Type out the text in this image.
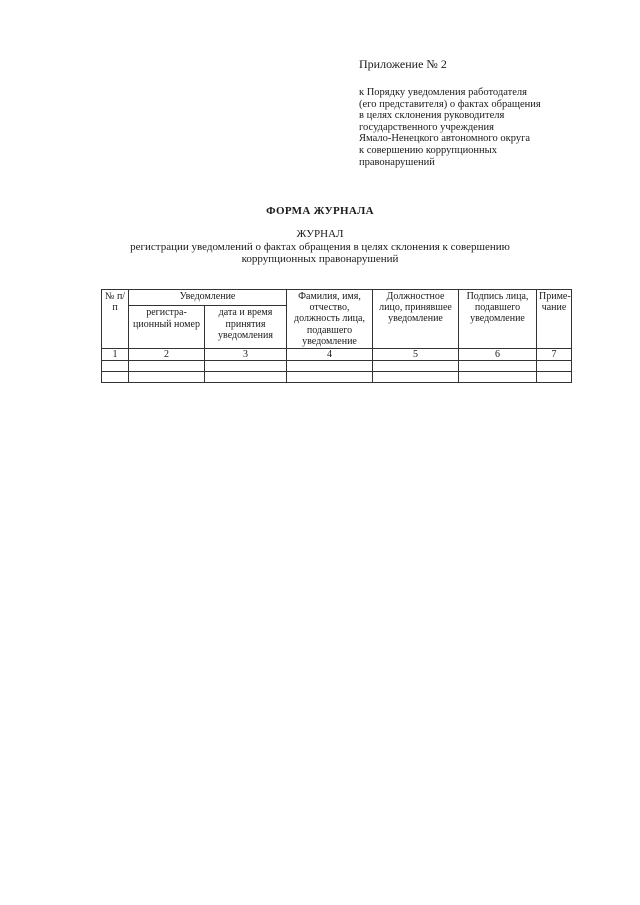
Приложение № 2
к Порядку уведомления работодателя
(его представителя) о фактах обращения
в целях склонения руководителя
государственного учреждения
Ямало-Ненецкого автономного округа
к совершению коррупционных
правонарушений
ФОРМА ЖУРНАЛА
ЖУРНАЛ
регистрации уведомлений о фактах обращения в целях склонения к совершению
коррупционных правонарушений
№ п/п	Уведомление		Фамилия, имя, отчество, должность лица, подавшего уведомление	Должностное лицо, принявшее уведомление	Подпись лица, подавшего уведомление	Приме-чание
	регистра-ционный номер	дата и время принятия уведомления				
1	2	3	4	5	6	7
